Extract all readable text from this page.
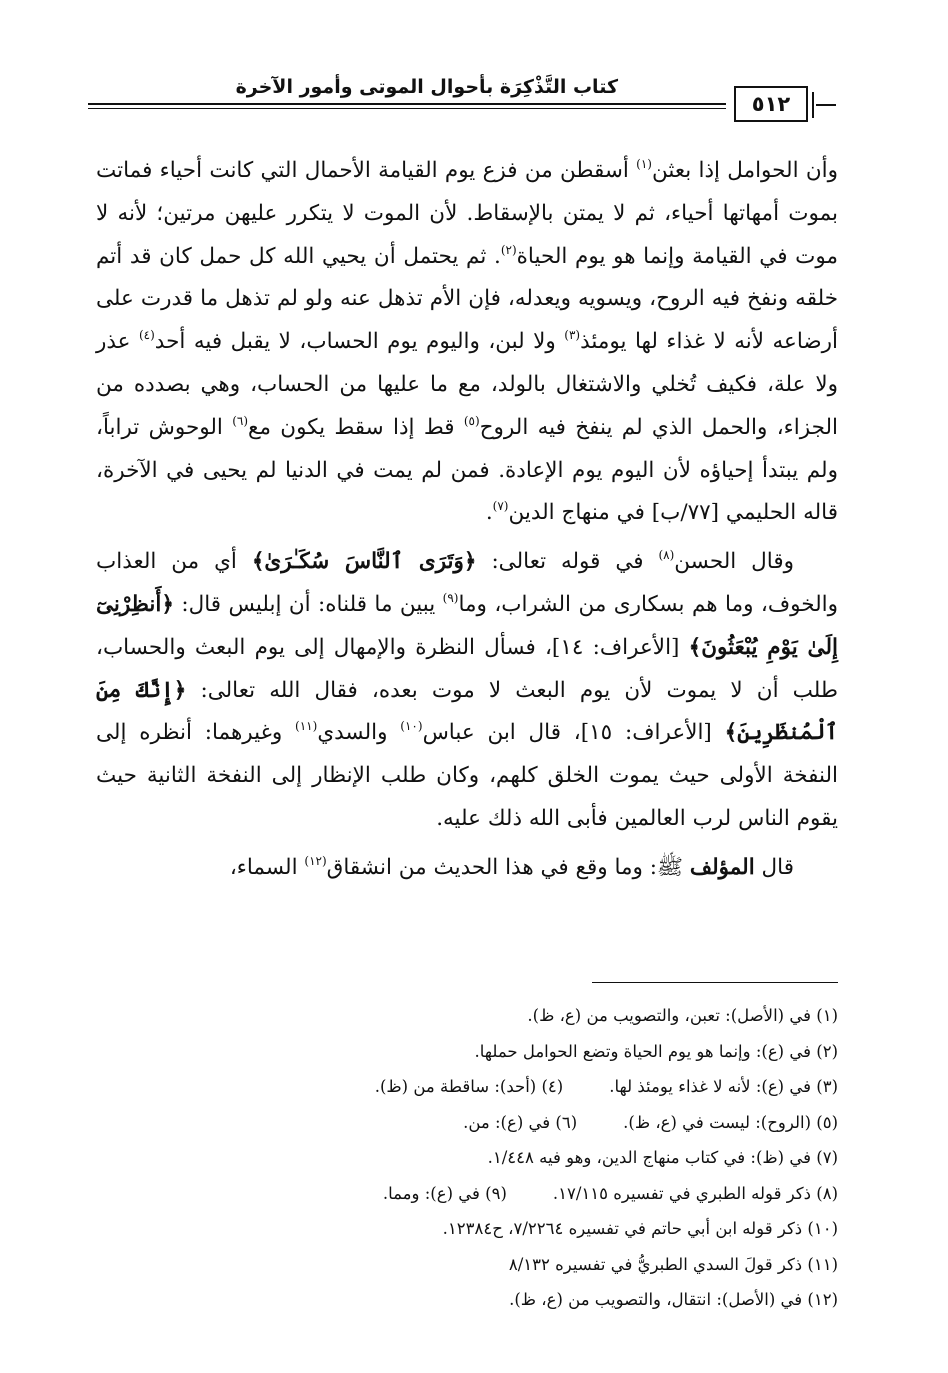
كتاب التَّذْكِرَة بأحوال الموتى وأمور الآخرة
٥١٢

وأن الحوامل إذا بعثن$^{(١)}$ أسقطن من فزع يوم القيامة الأحمال التي كانت أحياء فماتت بموت أمهاتها أحياء، ثم لا يمتن بالإسقاط. لأن الموت لا يتكرر عليهن مرتين؛ لأنه لا موت في القيامة وإنما هو يوم الحياة$^{(٢)}$. ثم يحتمل أن يحيي الله كل حمل كان قد أتم خلقه ونفخ فيه الروح، ويسويه ويعدله، فإن الأم تذهل عنه ولو لم تذهل ما قدرت على أرضاعه لأنه لا غذاء لها يومئذ$^{(٣)}$ ولا لبن، واليوم يوم الحساب، لا يقبل فيه أحد$^{(٤)}$ عذر ولا علة، فكيف تُخلي والاشتغال بالولد، مع ما عليها من الحساب، وهي بصدده من الجزاء، والحمل الذي لم ينفخ فيه الروح$^{(٥)}$ قط إذا سقط يكون مع$^{(٦)}$ الوحوش تراباً، ولم يبتدأ إحياؤه لأن اليوم يوم الإعادة. فمن لم يمت في الدنيا لم يحيى في الآخرة، قاله الحليمي [٧٧/ب] في منهاج الدين$^{(٧)}$.

وقال الحسن$^{(٨)}$ في قوله تعالى: ﴿وَتَرَى ٱلنَّاسَ سُكَـٰرَىٰ﴾ أي من العذاب والخوف، وما هم بسكارى من الشراب، وما$^{(٩)}$ يبين ما قلناه: أن إبليس قال: ﴿أَنظِرْنِىٓ إِلَىٰ يَوْمِ يُبْعَثُونَ﴾ [الأعراف: ١٤]، فسأل النظرة والإمهال إلى يوم البعث والحساب، طلب أن لا يموت لأن يوم البعث لا موت بعده، فقال الله تعالى: ﴿إِنَّكَ مِنَ ٱلْمُنظَرِينَ﴾ [الأعراف: ١٥]، قال ابن عباس$^{(١٠)}$ والسدي$^{(١١)}$ وغيرهما: أنظره إلى النفخة الأولى حيث يموت الخلق كلهم، وكان طلب الإنظار إلى النفخة الثانية حيث يقوم الناس لرب العالمين فأبى الله ذلك عليه.

قال المؤلف ﷺ: وما وقع في هذا الحديث من انشقاق$^{(١٢)}$ السماء،

(١) في (الأصل): تعبن، والتصويب من (ع، ظ).
(٢) في (ع): وإنما هو يوم الحياة وتضع الحوامل حملها.
(٣) في (ع): لأنه لا غذاء يومئذ لها.(٤) (أحد): ساقطة من (ظ).
(٥) (الروح): ليست في (ع، ظ).(٦) في (ع): من.
(٧) في (ظ): في كتاب منهاج الدين، وهو فيه ١/٤٤٨.
(٨) ذكر قوله الطبري في تفسيره ١٧/١١٥.(٩) في (ع): ومما.
(١٠) ذكر قوله ابن أبي حاتم في تفسيره ٧/٢٢٦٤، ح١٢٣٨٤.
(١١) ذكر قولَ السدي الطبريُّ في تفسيره ٨/١٣٢
(١٢) في (الأصل): انتقال، والتصويب من (ع، ظ).
